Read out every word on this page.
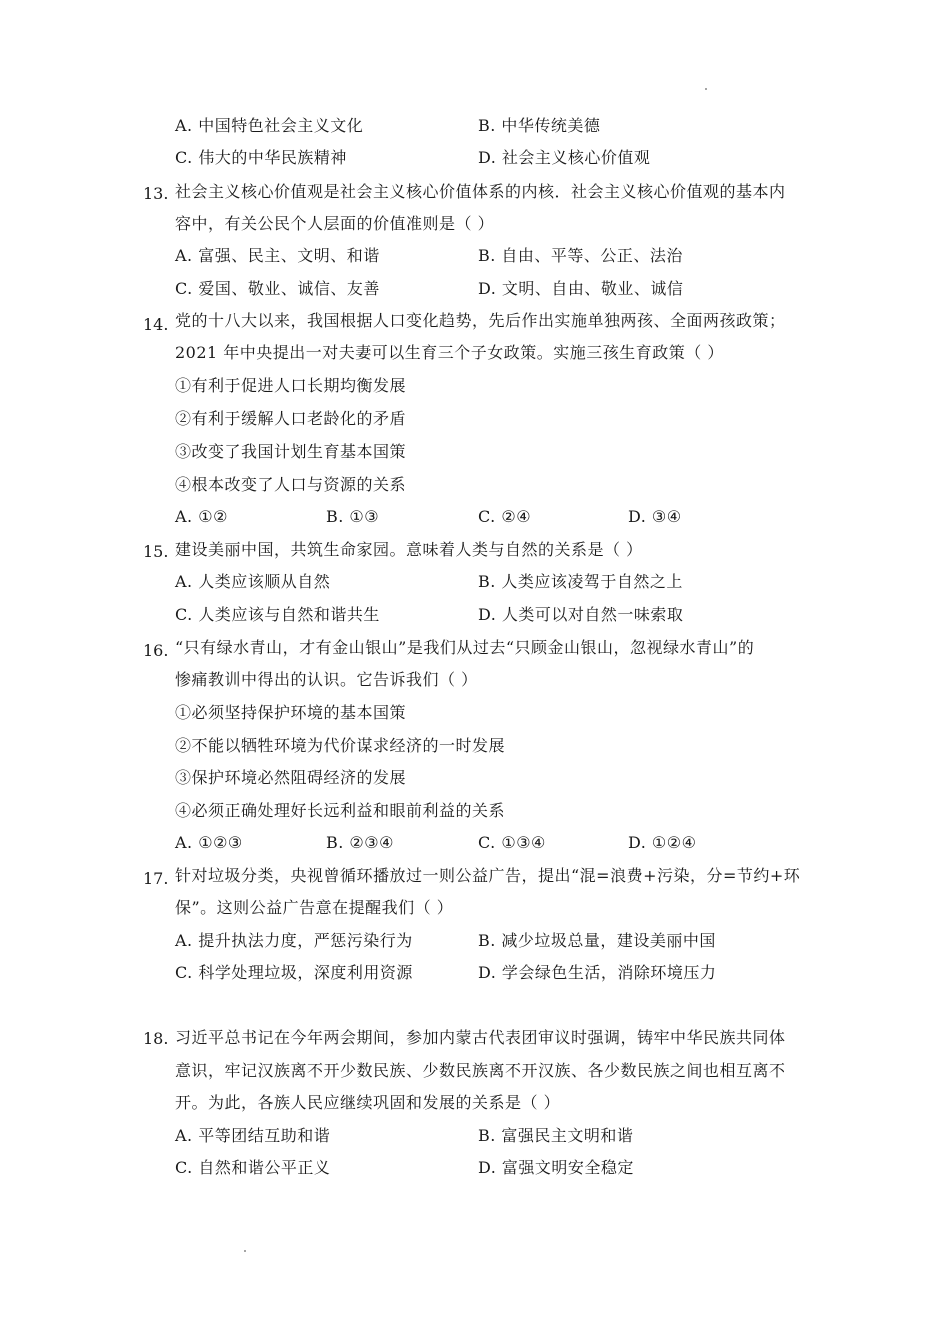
A. 中国特色社会主义文化	B. 中华传统美德
C. 伟大的中华民族精神	D. 社会主义核心价值观
13. 社会主义核心价值观是社会主义核心价值体系的内核．社会主义核心价值观的基本内
容中，有关公民个人层面的价值准则是（ ）
A. 富强、民主、文明、和谐	B. 自由、平等、公正、法治
C. 爱国、敬业、诚信、友善	D. 文明、自由、敬业、诚信
14. 党的十八大以来，我国根据人口变化趋势，先后作出实施单独两孩、全面两孩政策；
2021 年中央提出一对夫妻可以生育三个子女政策。实施三孩生育政策（ ）
①有利于促进人口长期均衡发展
②有利于缓解人口老龄化的矛盾
③改变了我国计划生育基本国策
④根本改变了人口与资源的关系
A. ①②	B. ①③	C. ②④	D. ③④
15. 建设美丽中国，共筑生命家园。意味着人类与自然的关系是（ ）
A. 人类应该顺从自然	B. 人类应该凌驾于自然之上
C. 人类应该与自然和谐共生	D. 人类可以对自然一味索取
16. “只有绿水青山，才有金山银山”是我们从过去“只顾金山银山，忽视绿水青山”的
惨痛教训中得出的认识。它告诉我们（ ）
①必须坚持保护环境的基本国策
②不能以牺牲环境为代价谋求经济的一时发展
③保护环境必然阻碍经济的发展
④必须正确处理好长远利益和眼前利益的关系
A. ①②③	B. ②③④	C. ①③④	D. ①②④
17. 针对垃圾分类，央视曾循环播放过一则公益广告，提出“混=浪费+污染，分=节约+环
保”。这则公益广告意在提醒我们（ ）
A. 提升执法力度，严惩污染行为	B. 减少垃圾总量，建设美丽中国
C. 科学处理垃圾，深度利用资源	D. 学会绿色生活，消除环境压力
18. 习近平总书记在今年两会期间，参加内蒙古代表团审议时强调，铸牢中华民族共同体
意识，牢记汉族离不开少数民族、少数民族离不开汉族、各少数民族之间也相互离不
开。为此，各族人民应继续巩固和发展的关系是（ ）
A. 平等团结互助和谐	B. 富强民主文明和谐
C. 自然和谐公平正义	D. 富强文明安全稳定
